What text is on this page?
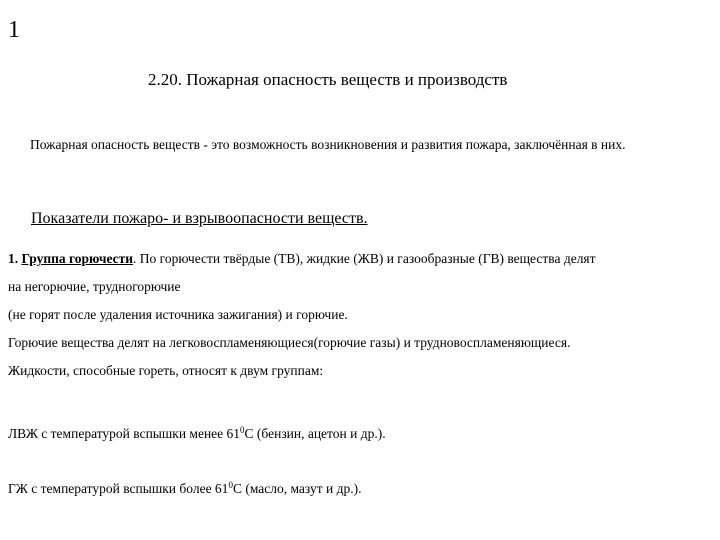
1
2.20. Пожарная опасность веществ и производств
Пожарная опасность веществ - это возможность возникновения и развития пожара, заключённая в них.
Показатели пожаро- и взрывоопасности веществ.
1. Группа горючести. По горючести твёрдые (ТВ), жидкие (ЖВ) и газообразные (ГВ) вещества делят
на негорючие, трудногорючие
(не горят после удаления источника зажигания) и горючие.
Горючие вещества делят на легковоспламеняющиеся(горючие газы) и трудновоспламеняющиеся.
Жидкости, способные гореть, относят к двум группам:
ЛВЖ с температурой вспышки менее $61^0С$ (бензин, ацетон и др.).
ГЖ с температурой вспышки более $61^0С$ (масло, мазут и др.).
